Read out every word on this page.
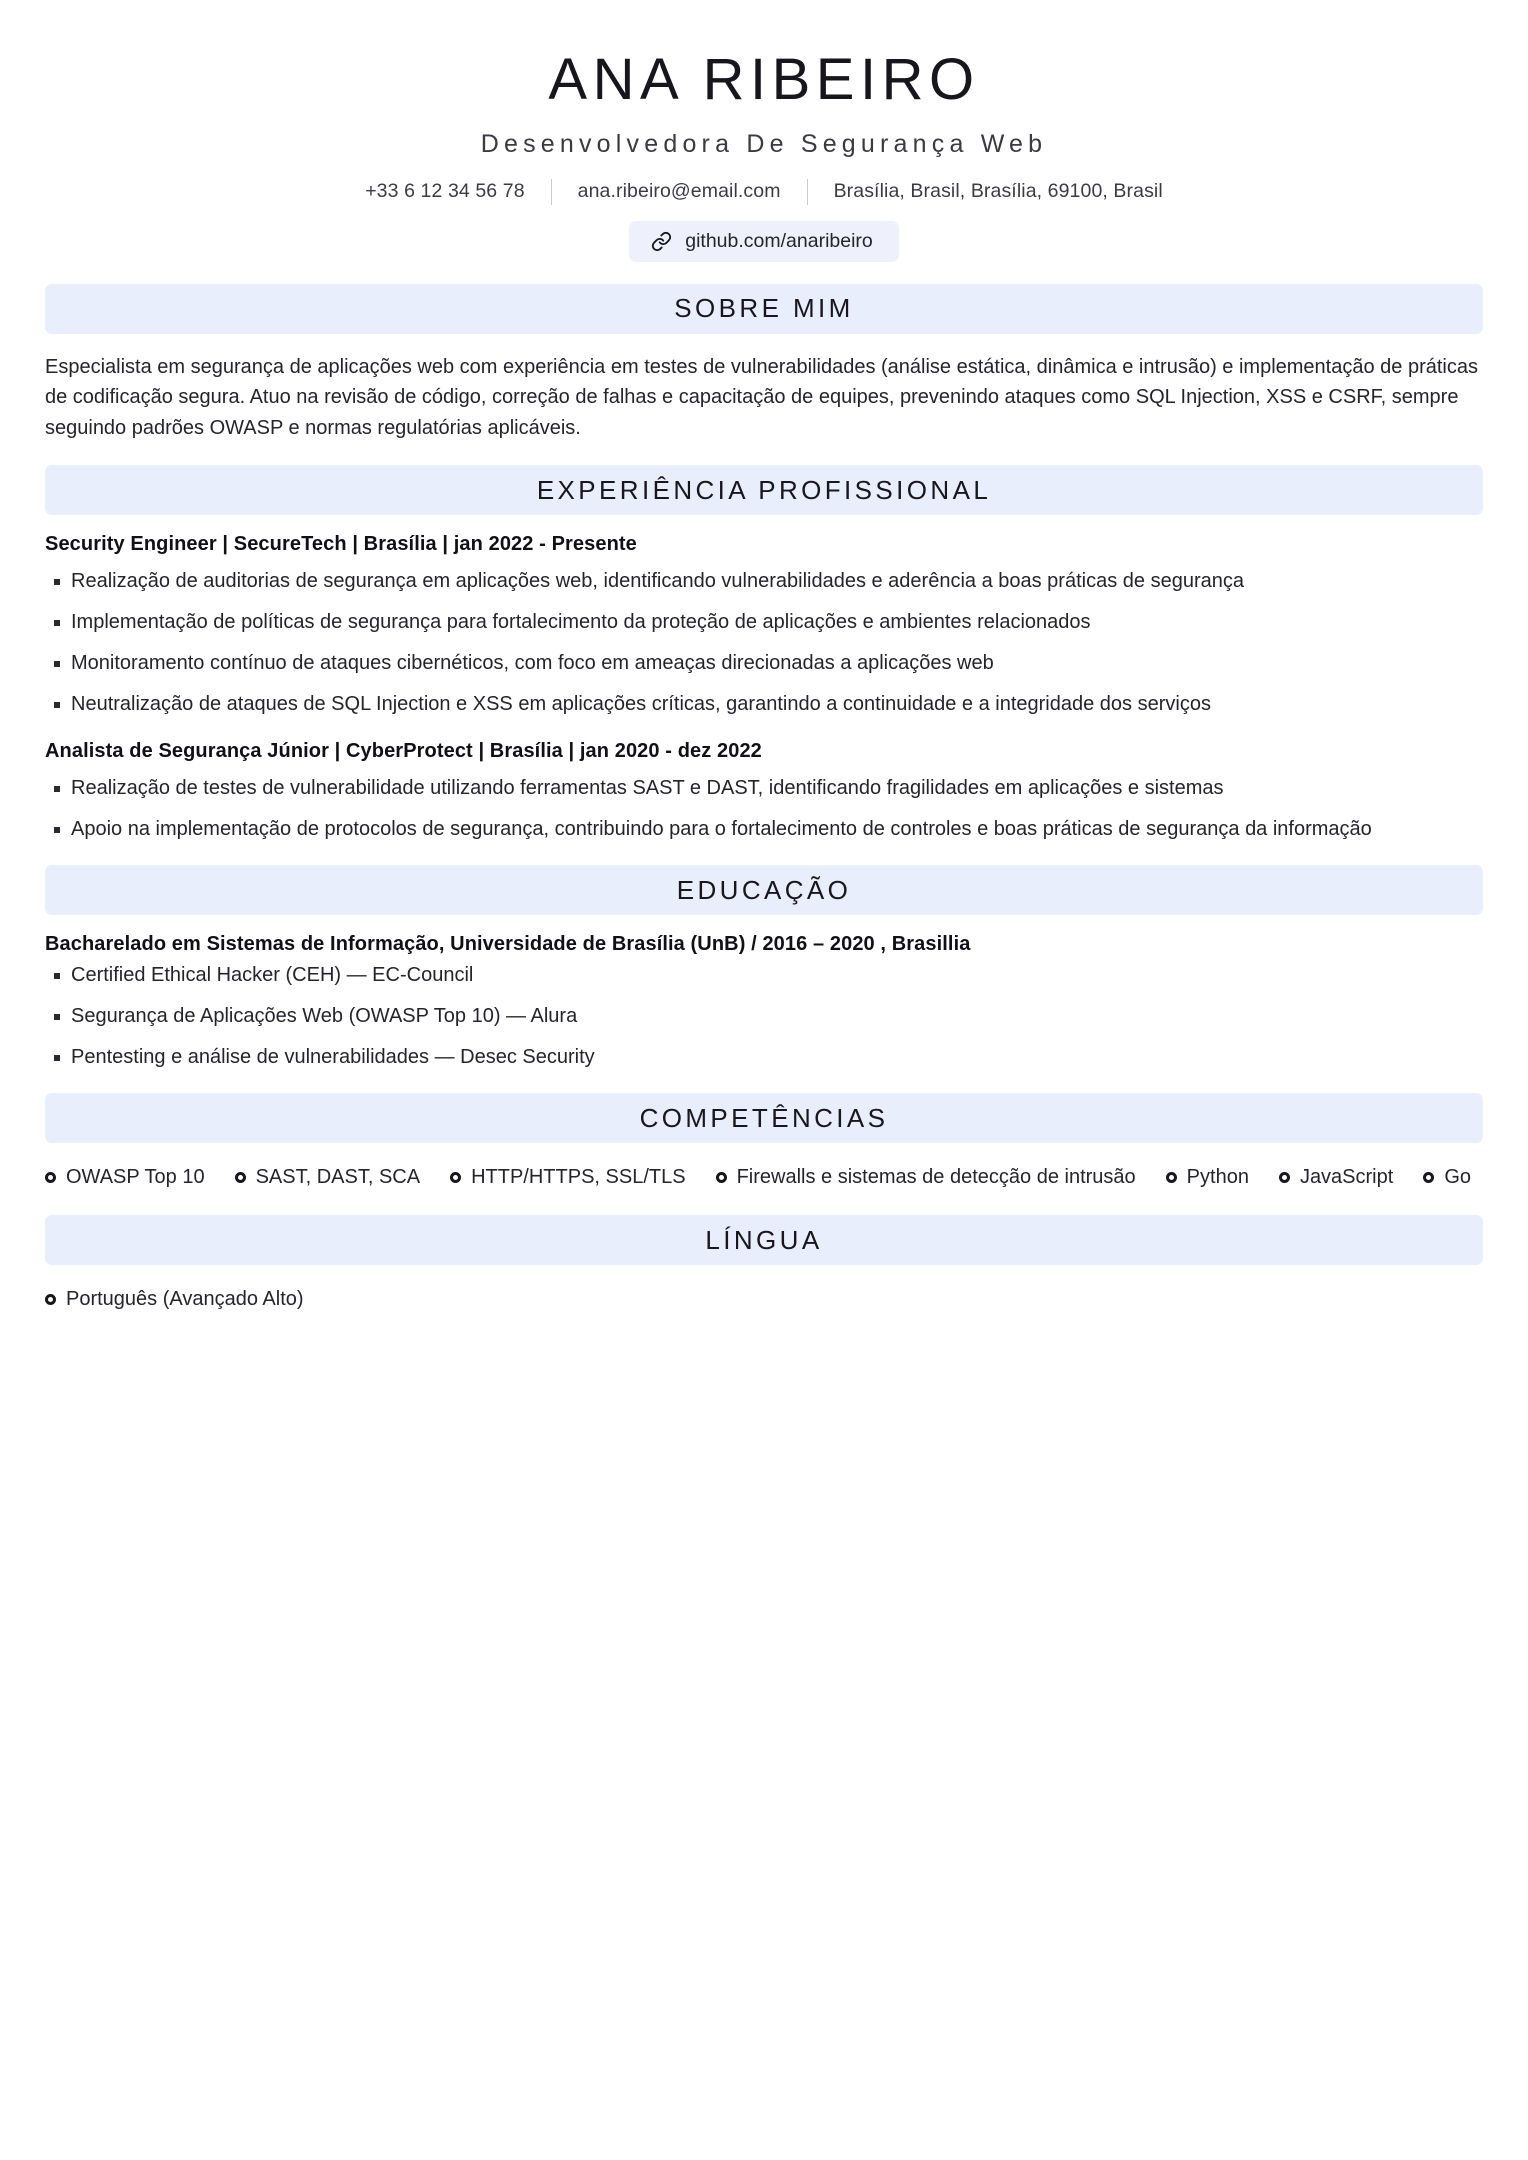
ANA RIBEIRO
Desenvolvedora De Segurança Web
+33 6 12 34 56 78	ana.ribeiro@email.com	Brasília, Brasil, Brasília, 69100, Brasil
github.com/anaribeiro
SOBRE MIM
Especialista em segurança de aplicações web com experiência em testes de vulnerabilidades (análise estática, dinâmica e intrusão) e implementação de práticas de codificação segura. Atuo na revisão de código, correção de falhas e capacitação de equipes, prevenindo ataques como SQL Injection, XSS e CSRF, sempre seguindo padrões OWASP e normas regulatórias aplicáveis.
EXPERIÊNCIA PROFISSIONAL
Security Engineer | SecureTech | Brasília | jan 2022 - Presente
Realização de auditorias de segurança em aplicações web, identificando vulnerabilidades e aderência a boas práticas de segurança
Implementação de políticas de segurança para fortalecimento da proteção de aplicações e ambientes relacionados
Monitoramento contínuo de ataques cibernéticos, com foco em ameaças direcionadas a aplicações web
Neutralização de ataques de SQL Injection e XSS em aplicações críticas, garantindo a continuidade e a integridade dos serviços
Analista de Segurança Júnior | CyberProtect | Brasília | jan 2020 - dez 2022
Realização de testes de vulnerabilidade utilizando ferramentas SAST e DAST, identificando fragilidades em aplicações e sistemas
Apoio na implementação de protocolos de segurança, contribuindo para o fortalecimento de controles e boas práticas de segurança da informação
EDUCAÇÃO
Bacharelado em Sistemas de Informação, Universidade de Brasília (UnB) / 2016 – 2020 , Brasillia
Certified Ethical Hacker (CEH) — EC-Council
Segurança de Aplicações Web (OWASP Top 10) — Alura
Pentesting e análise de vulnerabilidades — Desec Security
COMPETÊNCIAS
OWASP Top 10	SAST, DAST, SCA	HTTP/HTTPS, SSL/TLS	Firewalls e sistemas de detecção de intrusão	Python	JavaScript	Go
LÍNGUA
Português (Avançado Alto)
